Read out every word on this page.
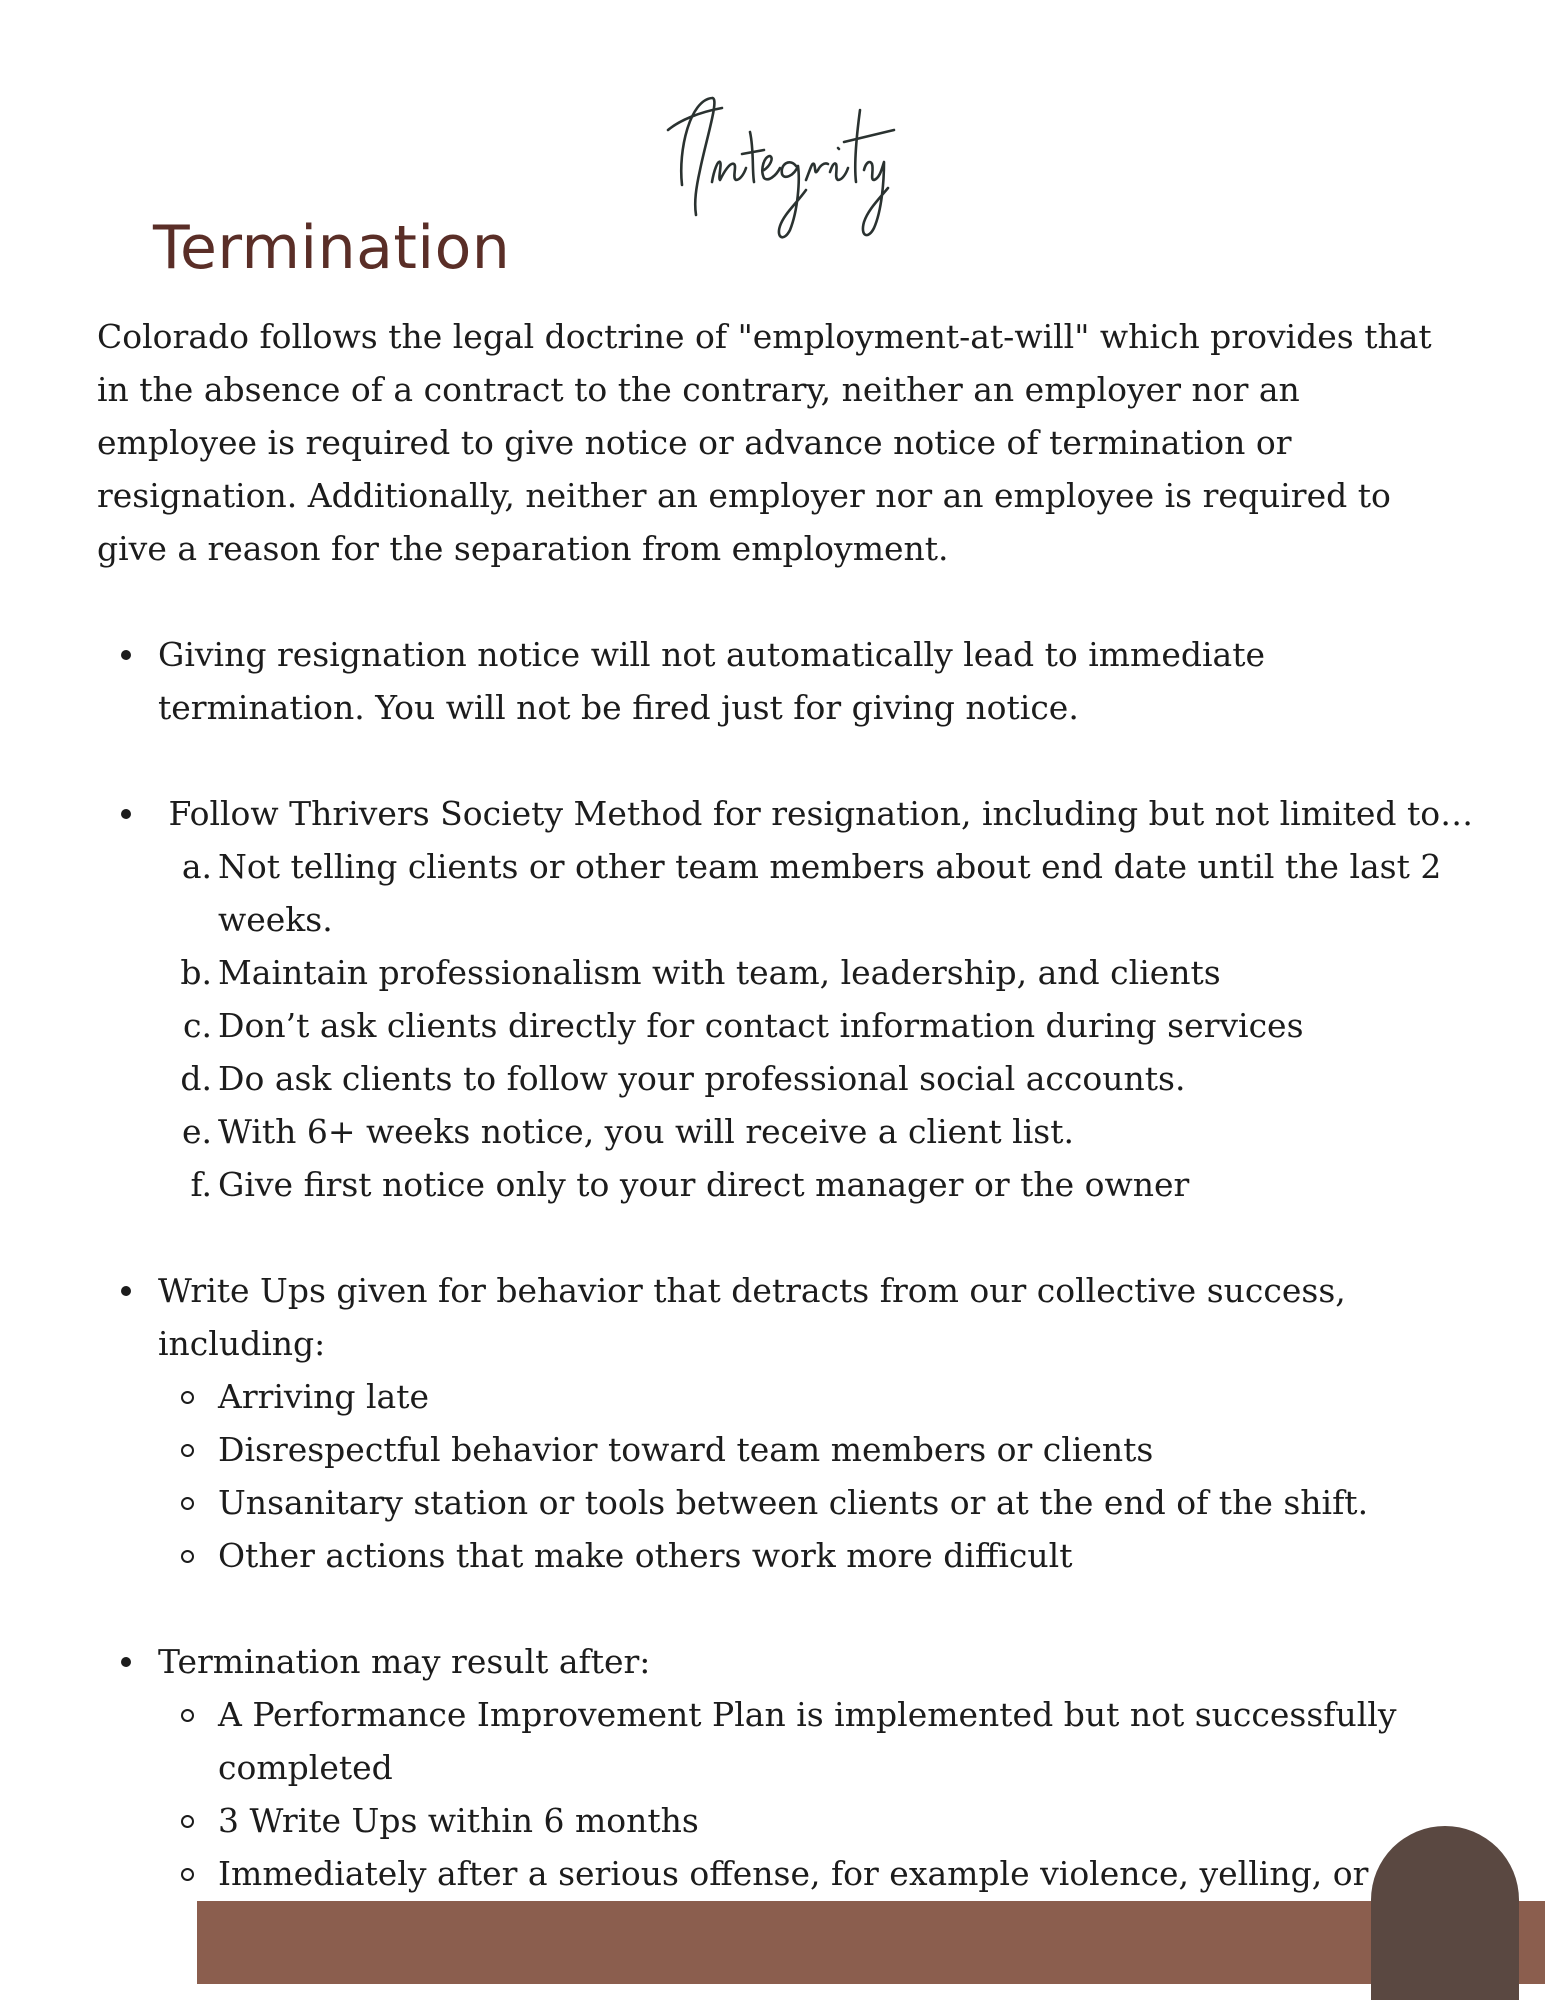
Termination

Colorado follows the legal doctrine of "employment-at-will" which provides that in the absence of a contract to the contrary, neither an employer nor an employee is required to give notice or advance notice of termination or resignation. Additionally, neither an employer nor an employee is required to give a reason for the separation from employment.

Giving resignation notice will not automatically lead to immediate termination. You will not be fired just for giving notice.
Follow Thrivers Society Method for resignation, including but not limited to…
a. Not telling clients or other team members about end date until the last 2 weeks.
b. Maintain professionalism with team, leadership, and clients
c. Don’t ask clients directly for contact information during services
d. Do ask clients to follow your professional social accounts.
e. With 6+ weeks notice, you will receive a client list.
f. Give first notice only to your direct manager or the owner
Write Ups given for behavior that detracts from our collective success, including:
Arriving late
Disrespectful behavior toward team members or clients
Unsanitary station or tools between clients or at the end of the shift.
Other actions that make others work more difficult
Termination may result after:
A Performance Improvement Plan is implemented but not successfully completed
3 Write Ups within 6 months
Immediately after a serious offense, for example violence, yelling, or
